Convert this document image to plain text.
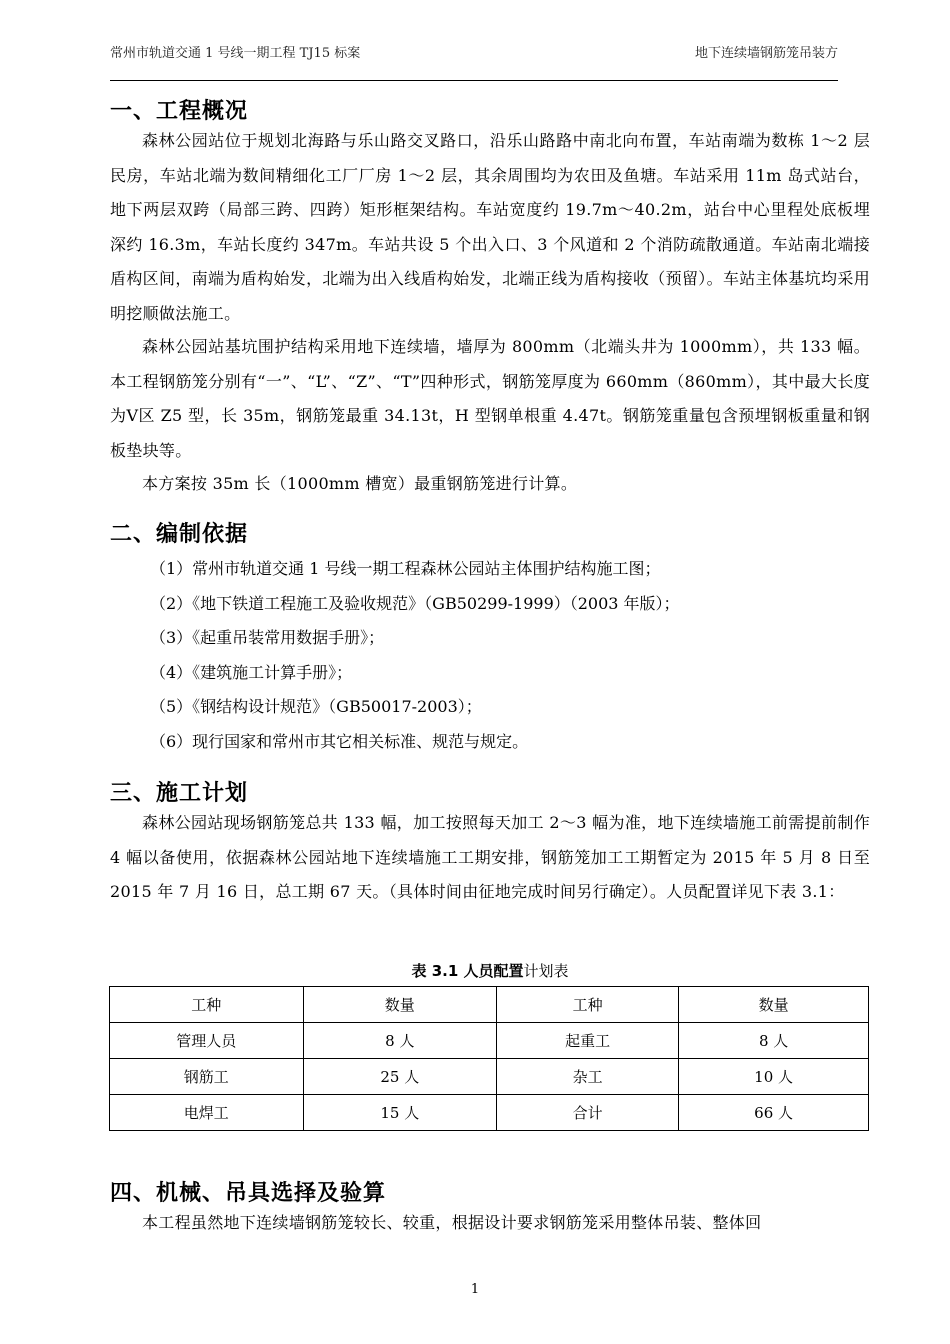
常州市轨道交通 1 号线一期工程 TJ15 标案	地下连续墙钢筋笼吊装方
一、工程概况

森林公园站位于规划北海路与乐山路交叉路口，沿乐山路路中南北向布置，车站南端为数栋 1～2 层民房，车站北端为数间精细化工厂厂房 1～2 层，其余周围均为农田及鱼塘。车站采用 11m 岛式站台，地下两层双跨（局部三跨、四跨）矩形框架结构。车站宽度约 19.7m～40.2m，站台中心里程处底板埋深约 16.3m，车站长度约 347m。车站共设 5 个出入口、3 个风道和 2 个消防疏散通道。车站南北端接盾构区间，南端为盾构始发，北端为出入线盾构始发，北端正线为盾构接收（预留）。车站主体基坑均采用明挖顺做法施工。

森林公园站基坑围护结构采用地下连续墙，墙厚为 800mm（北端头井为 1000mm），共 133 幅。本工程钢筋笼分别有“一”、“L”、“Z”、“T”四种形式，钢筋笼厚度为 660mm（860mm），其中最大长度为Ⅴ区 Z5 型，长 35m，钢筋笼最重 34.13t，H 型钢单根重 4.47t。钢筋笼重量包含预埋钢板重量和钢板垫块等。

本方案按 35m 长（1000mm 槽宽）最重钢筋笼进行计算。

二、编制依据
（1）常州市轨道交通 1 号线一期工程森林公园站主体围护结构施工图；
（2）《地下铁道工程施工及验收规范》（GB50299-1999）（2003 年版）；
（3）《起重吊装常用数据手册》；
（4）《建筑施工计算手册》；
（5）《钢结构设计规范》（GB50017-2003）；
（6）现行国家和常州市其它相关标准、规范与规定。
三、施工计划

森林公园站现场钢筋笼总共 133 幅，加工按照每天加工 2～3 幅为准，地下连续墙施工前需提前制作 4 幅以备使用，依据森林公园站地下连续墙施工工期安排，钢筋笼加工工期暂定为 2015 年 5 月 8 日至 2015 年 7 月 16 日，总工期 67 天。（具体时间由征地完成时间另行确定）。人员配置详见下表 3.1：

表 3.1 人员配置计划表
工种	数量	工种	数量
管理人员	8 人	起重工	8 人
钢筋工	25 人	杂工	10 人
电焊工	15 人	合计	66 人
四、机械、吊具选择及验算

本工程虽然地下连续墙钢筋笼较长、较重，根据设计要求钢筋笼采用整体吊装、整体回

1
